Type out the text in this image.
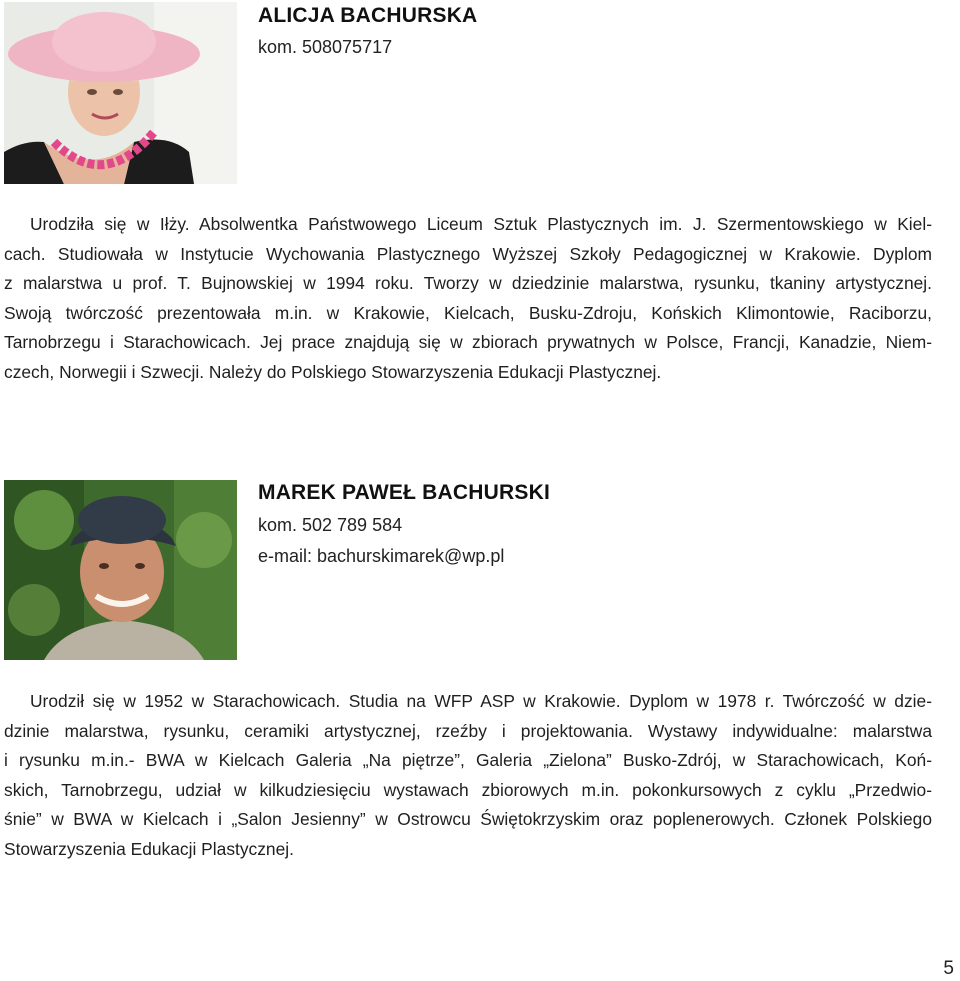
ALICJA BACHURSKA
kom. 508075717
Urodziła się w Iłży. Absolwentka Państwowego Liceum Sztuk Plastycznych im. J. Szermentowskiego w Kiel-
cach. Studiowała w Instytucie Wychowania Plastycznego Wyższej Szkoły Pedagogicznej w Krakowie. Dyplom
z malarstwa u prof. T. Bujnowskiej w 1994 roku. Tworzy w dziedzinie malarstwa, rysunku, tkaniny artystycznej.
Swoją twórczość prezentowała m.in. w Krakowie, Kielcach, Busku-Zdroju, Końskich Klimontowie, Raciborzu,
Tarnobrzegu i Starachowicach. Jej prace znajdują się w zbiorach prywatnych w Polsce, Francji, Kanadzie, Niem-
czech, Norwegii i Szwecji. Należy do Polskiego Stowarzyszenia Edukacji Plastycznej.
MAREK PAWEŁ BACHURSKI
kom. 502 789 584
e-mail: bachurskimarek@wp.pl
Urodził się w 1952 w Starachowicach. Studia na WFP ASP w Krakowie. Dyplom w 1978 r. Twórczość w dzie-
dzinie malarstwa, rysunku, ceramiki artystycznej, rzeźby i projektowania. Wystawy indywidualne: malarstwa
i rysunku m.in.- BWA w Kielcach Galeria „Na piętrze”, Galeria „Zielona” Busko-Zdrój, w Starachowicach, Koń-
skich, Tarnobrzegu, udział w kilkudziesięciu wystawach zbiorowych m.in. pokonkursowych z cyklu „Przedwio-
śnie” w BWA w Kielcach i „Salon Jesienny” w Ostrowcu Świętokrzyskim oraz poplenerowych. Członek Polskiego
Stowarzyszenia Edukacji Plastycznej.
5
